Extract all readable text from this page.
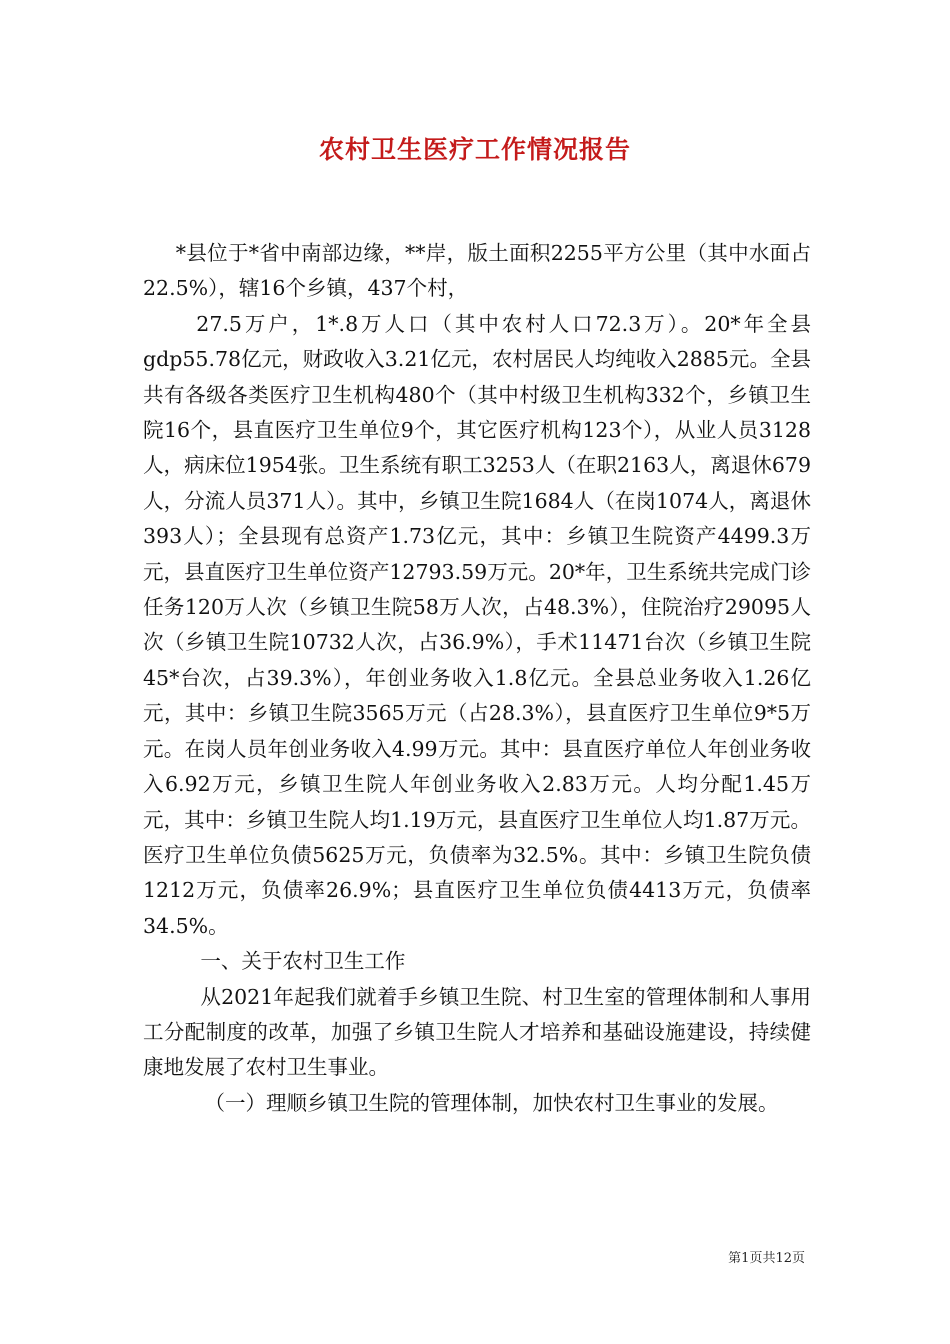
农村卫生医疗工作情况报告

*县位于*省中南部边缘，**岸，版土面积2255平方公里（其中水面占22.5%），辖16个乡镇，437个村，

27.5万户，1*.8万人口（其中农村人口72.3万）。20*年全县gdp55.78亿元，财政收入3.21亿元，农村居民人均纯收入2885元。全县共有各级各类医疗卫生机构480个（其中村级卫生机构332个，乡镇卫生院16个，县直医疗卫生单位9个，其它医疗机构123个），从业人员3128人，病床位1954张。卫生系统有职工3253人（在职2163人，离退休679人，分流人员371人）。其中，乡镇卫生院1684人（在岗1074人，离退休393人）；全县现有总资产1.73亿元，其中：乡镇卫生院资产4499.3万元，县直医疗卫生单位资产12793.59万元。20*年，卫生系统共完成门诊任务120万人次（乡镇卫生院58万人次，占48.3%），住院治疗29095人次（乡镇卫生院10732人次，占36.9%），手术11471台次（乡镇卫生院45*台次，占39.3%），年创业务收入1.8亿元。全县总业务收入1.26亿元，其中：乡镇卫生院3565万元（占28.3%），县直医疗卫生单位9*5万元。在岗人员年创业务收入4.99万元。其中：县直医疗单位人年创业务收入6.92万元，乡镇卫生院人年创业务收入2.83万元。人均分配1.45万元，其中：乡镇卫生院人均1.19万元，县直医疗卫生单位人均1.87万元。医疗卫生单位负债5625万元，负债率为32.5%。其中：乡镇卫生院负债1212万元，负债率26.9%；县直医疗卫生单位负债4413万元，负债率34.5%。

一、关于农村卫生工作

从2021年起我们就着手乡镇卫生院、村卫生室的管理体制和人事用工分配制度的改革，加强了乡镇卫生院人才培养和基础设施建设，持续健康地发展了农村卫生事业。

（一）理顺乡镇卫生院的管理体制，加快农村卫生事业的发展。

第1页共12页
